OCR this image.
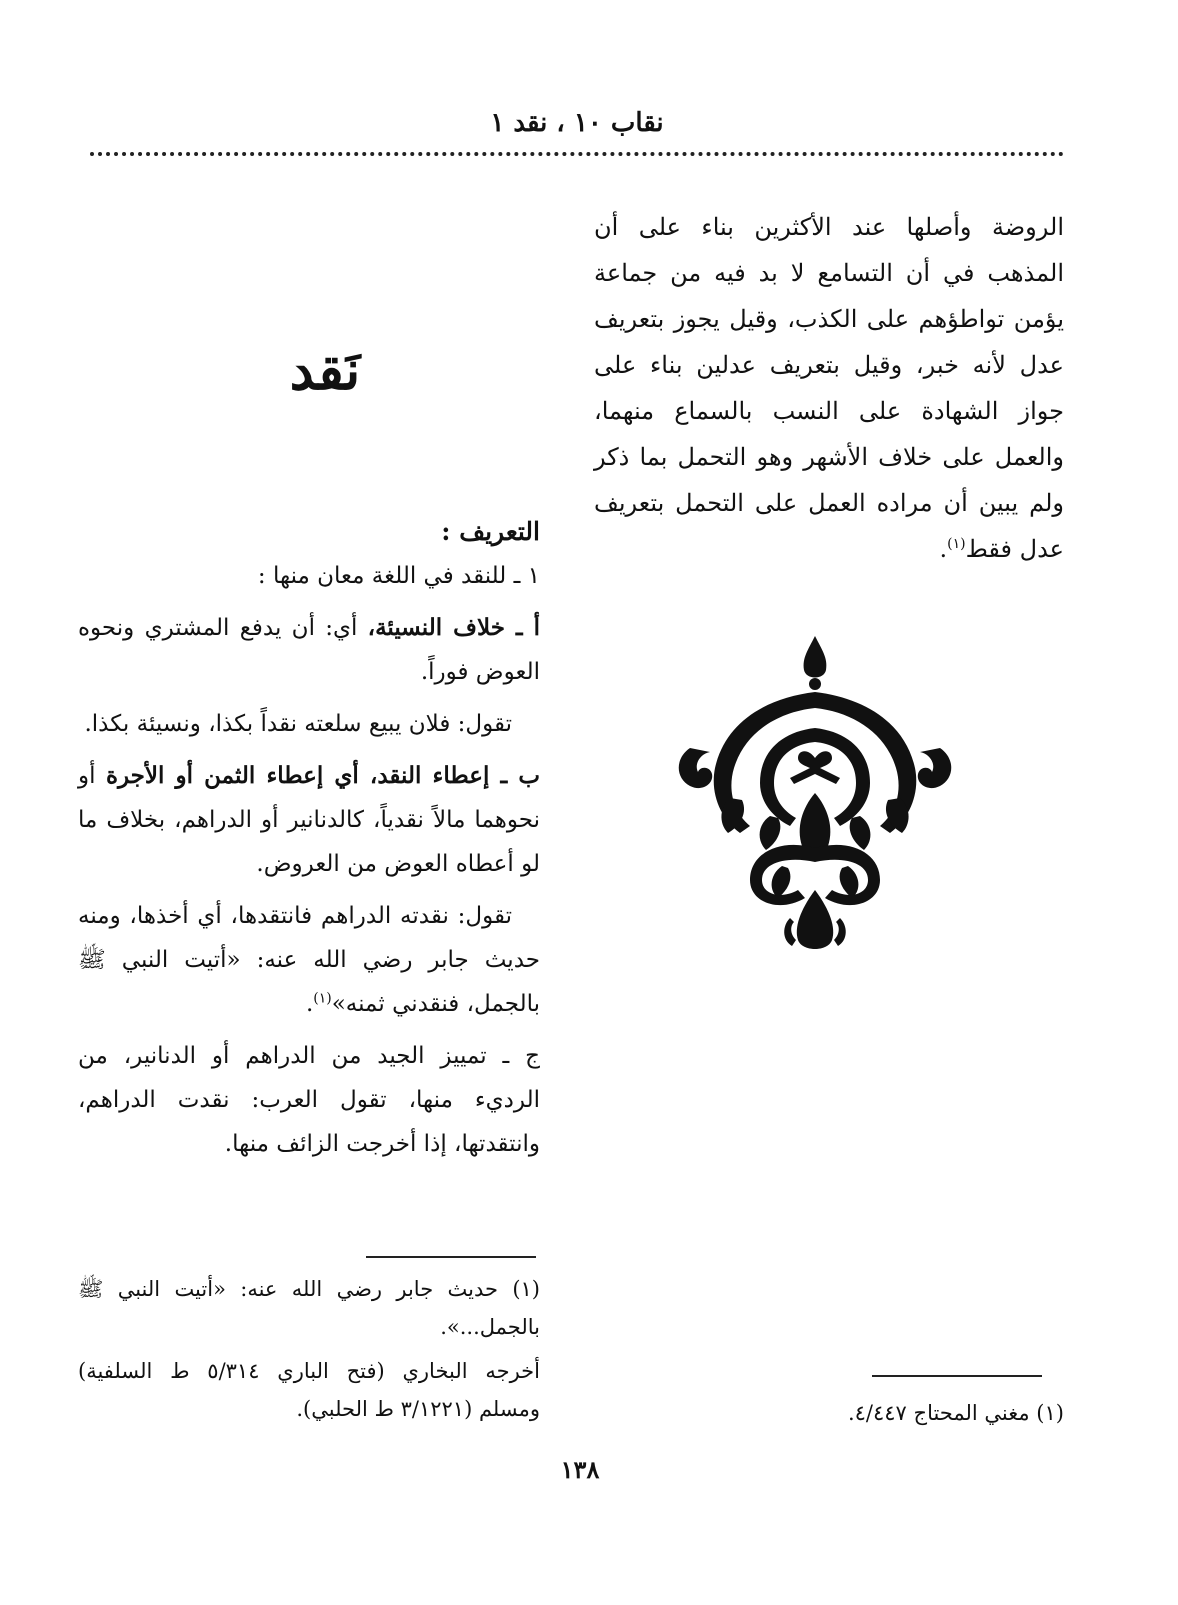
نقاب ١٠ ، نقد ١

الروضة وأصلها عند الأكثرين بناء على أن المذهب في أن التسامع لا بد فيه من جماعة يؤمن تواطؤهم على الكذب، وقيل يجوز بتعريف عدل لأنه خبر، وقيل بتعريف عدلين بناء على جواز الشهادة على النسب بالسماع منهما، والعمل على خلاف الأشهر وهو التحمل بما ذكر ولم يبين أن مراده العمل على التحمل بتعريف عدل فقط$^{(١)}$.

نَقد

التعريف :

١ ـ للنقد في اللغة معان منها :

أ ـ خلاف النسيئة، أي: أن يدفع المشتري ونحوه العوض فوراً.

تقول: فلان يبيع سلعته نقداً بكذا، ونسيئة بكذا.

ب ـ إعطاء النقد، أي إعطاء الثمن أو الأجرة أو نحوهما مالاً نقدياً، كالدنانير أو الدراهم، بخلاف ما لو أعطاه العوض من العروض.

تقول: نقدته الدراهم فانتقدها، أي أخذها، ومنه حديث جابر رضي الله عنه: «أتيت النبي ﷺ بالجمل، فنقدني ثمنه»$^{(١)}$.

ج ـ تمييز الجيد من الدراهم أو الدنانير، من الرديء منها، تقول العرب: نقدت الدراهم، وانتقدتها، إذا أخرجت الزائف منها.

(١) حديث جابر رضي الله عنه: «أتيت النبي ﷺ بالجمل...».

أخرجه البخاري (فتح الباري ٥/٣١٤ ط السلفية) ومسلم (٣/١٢٢١ ط الحلبي).	(١) مغني المحتاج ٤/٤٤٧.

١٣٨
